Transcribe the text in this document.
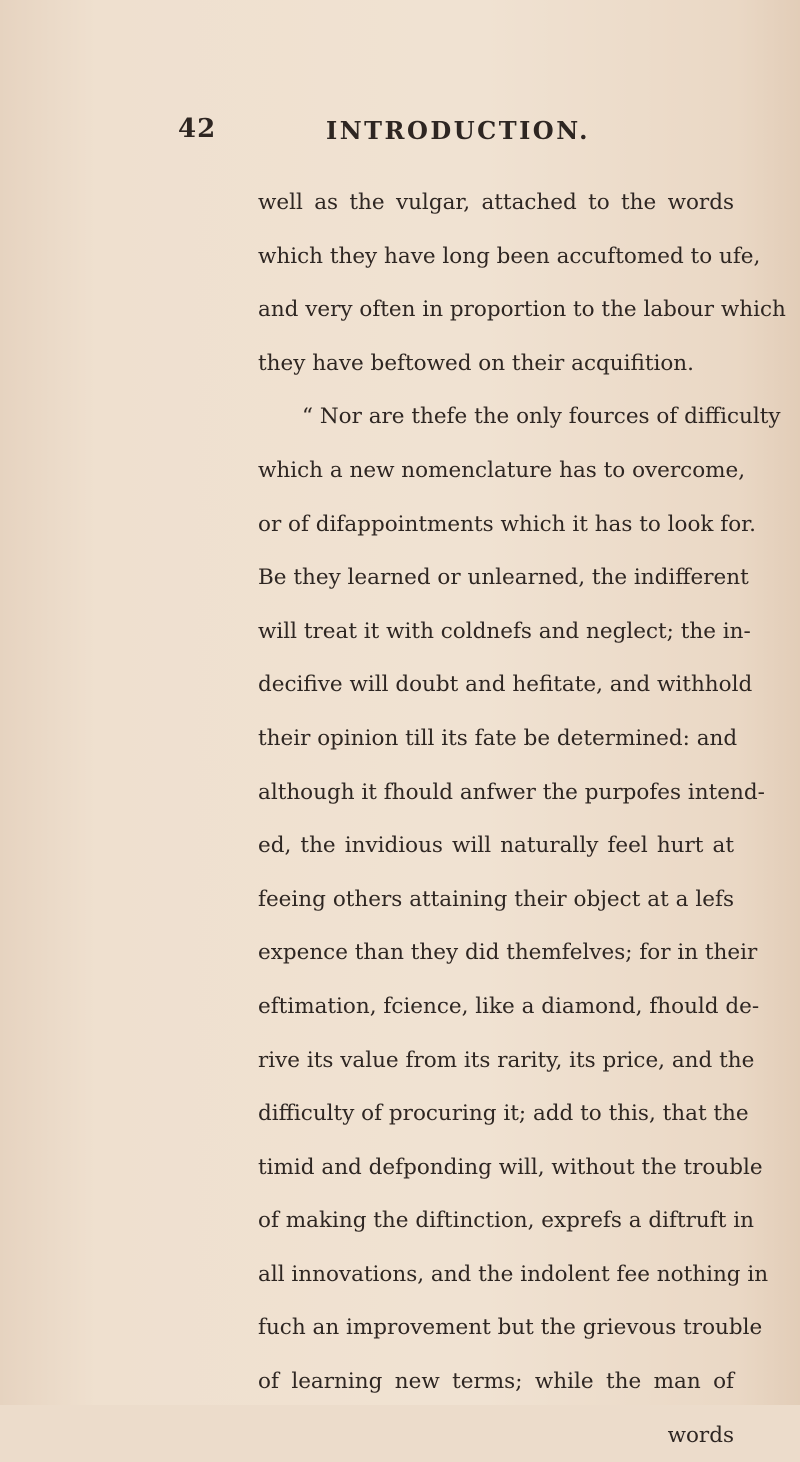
42	INTRODUCTION.
well as the vulgar, attached to the words
which they have long been accuftomed to ufe,
and very often in proportion to the labour which
they have beftowed on their acquifition.
“ Nor are thefe the only fources of difficulty
which a new nomenclature has to overcome,
or of difappointments which it has to look for.
Be they learned or unlearned, the indifferent
will treat it with coldnefs and neglect; the in-
decifive will doubt and hefitate, and withhold
their opinion till its fate be determined: and
although it fhould anfwer the purpofes intend-
ed, the invidious will naturally feel hurt at
feeing others attaining their object at a lefs
expence than they did themfelves; for in their
eftimation, fcience, like a diamond, fhould de-
rive its value from its rarity, its price, and the
difficulty of procuring it; add to this, that the
timid and defponding will, without the trouble
of making the diftinction, exprefs a diftruft in
all innovations, and the indolent fee nothing in
fuch an improvement but the grievous trouble
of learning new terms; while the man of
words
